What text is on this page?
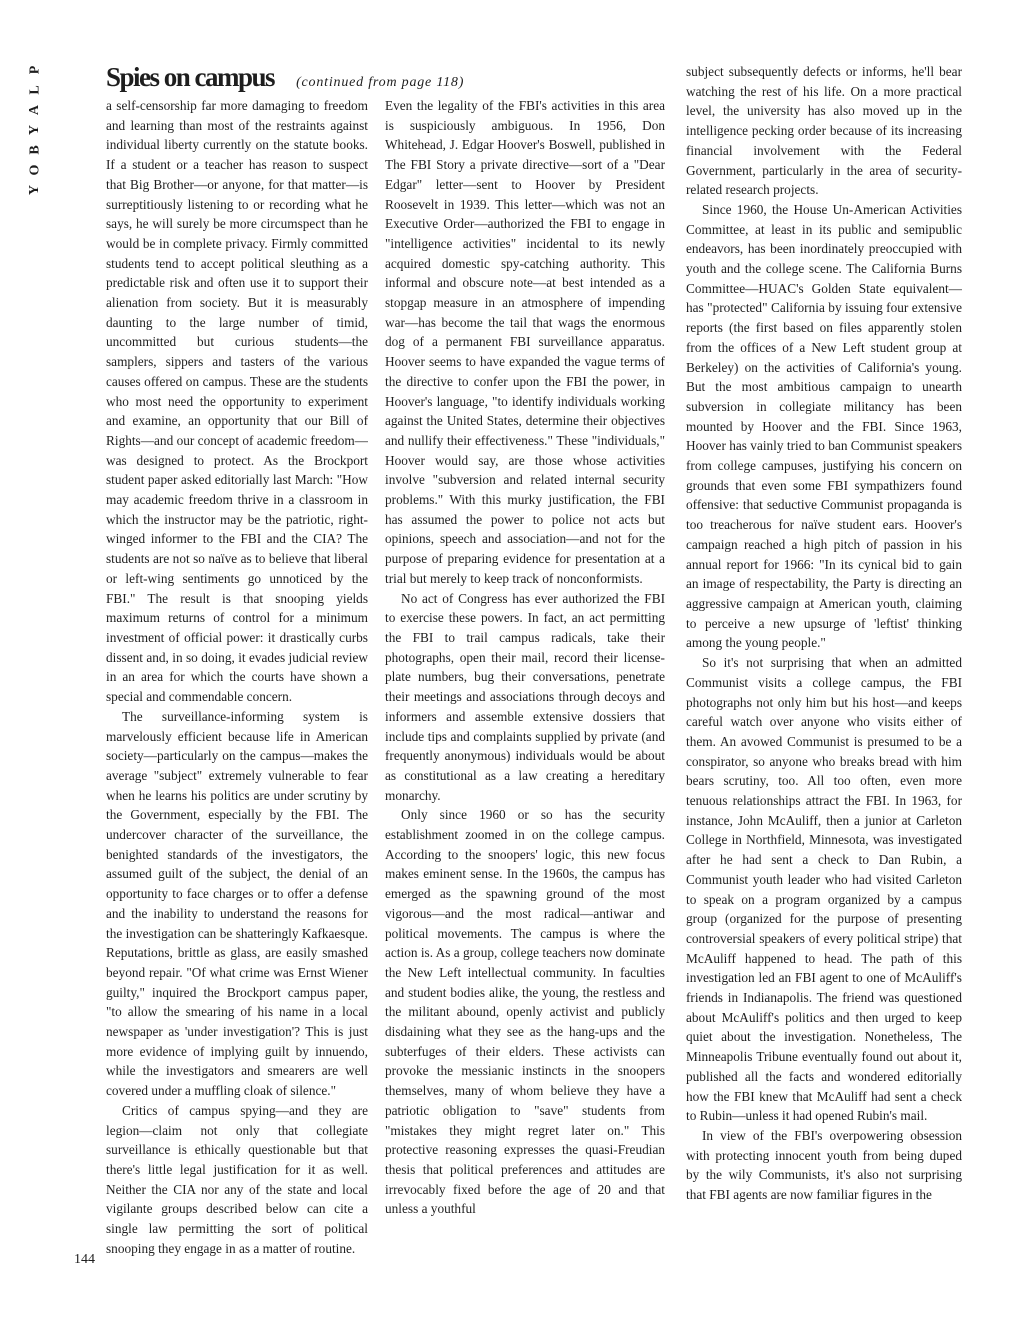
P
L
A
Y
B
O
Y
Spies on campus (continued from page 118)

a self-censorship far more damaging to freedom and learning than most of the restraints against individual liberty currently on the statute books. If a student or a teacher has reason to suspect that Big Brother—or anyone, for that matter—is surreptitiously listening to or recording what he says, he will surely be more circumspect than he would be in complete privacy. Firmly committed students tend to accept political sleuthing as a predictable risk and often use it to support their alienation from society. But it is measurably daunting to the large number of timid, uncommitted but curious students—the samplers, sippers and tasters of the various causes offered on campus. These are the students who most need the opportunity to experiment and examine, an opportunity that our Bill of Rights—and our concept of academic freedom—was designed to protect. As the Brockport student paper asked editorially last March: "How may academic freedom thrive in a classroom in which the instructor may be the patriotic, right-winged informer to the FBI and the CIA? The students are not so naïve as to believe that liberal or left-wing sentiments go unnoticed by the FBI." The result is that snooping yields maximum returns of control for a minimum investment of official power: it drastically curbs dissent and, in so doing, it evades judicial review in an area for which the courts have shown a special and commendable concern.

The surveillance-informing system is marvelously efficient because life in American society—particularly on the campus—makes the average "subject" extremely vulnerable to fear when he learns his politics are under scrutiny by the Government, especially by the FBI. The undercover character of the surveillance, the benighted standards of the investigators, the assumed guilt of the subject, the denial of an opportunity to face charges or to offer a defense and the inability to understand the reasons for the investigation can be shatteringly Kafkaesque. Reputations, brittle as glass, are easily smashed beyond repair. "Of what crime was Ernst Wiener guilty," inquired the Brockport campus paper, "to allow the smearing of his name in a local newspaper as 'under investigation'? This is just more evidence of implying guilt by innuendo, while the investigators and smearers are well covered under a muffling cloak of silence."

Critics of campus spying—and they are legion—claim not only that collegiate surveillance is ethically questionable but that there's little legal justification for it as well. Neither the CIA nor any of the state and local vigilante groups described below can cite a single law permitting the sort of political snooping they engage in as a matter of routine.

Even the legality of the FBI's activities in this area is suspiciously ambiguous. In 1956, Don Whitehead, J. Edgar Hoover's Boswell, published in The FBI Story a private directive—sort of a "Dear Edgar" letter—sent to Hoover by President Roosevelt in 1939. This letter—which was not an Executive Order—authorized the FBI to engage in "intelligence activities" incidental to its newly acquired domestic spy-catching authority. This informal and obscure note—at best intended as a stopgap measure in an atmosphere of impending war—has become the tail that wags the enormous dog of a permanent FBI surveillance apparatus. Hoover seems to have expanded the vague terms of the directive to confer upon the FBI the power, in Hoover's language, "to identify individuals working against the United States, determine their objectives and nullify their effectiveness." These "individuals," Hoover would say, are those whose activities involve "subversion and related internal security problems." With this murky justification, the FBI has assumed the power to police not acts but opinions, speech and association—and not for the purpose of preparing evidence for presentation at a trial but merely to keep track of nonconformists.

No act of Congress has ever authorized the FBI to exercise these powers. In fact, an act permitting the FBI to trail campus radicals, take their photographs, open their mail, record their license-plate numbers, bug their conversations, penetrate their meetings and associations through decoys and informers and assemble extensive dossiers that include tips and complaints supplied by private (and frequently anonymous) individuals would be about as constitutional as a law creating a hereditary monarchy.

Only since 1960 or so has the security establishment zoomed in on the college campus. According to the snoopers' logic, this new focus makes eminent sense. In the 1960s, the campus has emerged as the spawning ground of the most vigorous—and the most radical—antiwar and political movements. The campus is where the action is. As a group, college teachers now dominate the New Left intellectual community. In faculties and student bodies alike, the young, the restless and the militant abound, openly activist and publicly disdaining what they see as the hang-ups and the subterfuges of their elders. These activists can provoke the messianic instincts in the snoopers themselves, many of whom believe they have a patriotic obligation to "save" students from "mistakes they might regret later on." This protective reasoning expresses the quasi-Freudian thesis that political preferences and attitudes are irrevocably fixed before the age of 20 and that unless a youthful

subject subsequently defects or informs, he'll bear watching the rest of his life. On a more practical level, the university has also moved up in the intelligence pecking order because of its increasing financial involvement with the Federal Government, particularly in the area of security-related research projects.

Since 1960, the House Un-American Activities Committee, at least in its public and semipublic endeavors, has been inordinately preoccupied with youth and the college scene. The California Burns Committee—HUAC's Golden State equivalent—has "protected" California by issuing four extensive reports (the first based on files apparently stolen from the offices of a New Left student group at Berkeley) on the activities of California's young. But the most ambitious campaign to unearth subversion in collegiate militancy has been mounted by Hoover and the FBI. Since 1963, Hoover has vainly tried to ban Communist speakers from college campuses, justifying his concern on grounds that even some FBI sympathizers found offensive: that seductive Communist propaganda is too treacherous for naïve student ears. Hoover's campaign reached a high pitch of passion in his annual report for 1966: "In its cynical bid to gain an image of respectability, the Party is directing an aggressive campaign at American youth, claiming to perceive a new upsurge of 'leftist' thinking among the young people."

So it's not surprising that when an admitted Communist visits a college campus, the FBI photographs not only him but his host—and keeps careful watch over anyone who visits either of them. An avowed Communist is presumed to be a conspirator, so anyone who breaks bread with him bears scrutiny, too. All too often, even more tenuous relationships attract the FBI. In 1963, for instance, John McAuliff, then a junior at Carleton College in Northfield, Minnesota, was investigated after he had sent a check to Dan Rubin, a Communist youth leader who had visited Carleton to speak on a program organized by a campus group (organized for the purpose of presenting controversial speakers of every political stripe) that McAuliff happened to head. The path of this investigation led an FBI agent to one of McAuliff's friends in Indianapolis. The friend was questioned about McAuliff's politics and then urged to keep quiet about the investigation. Nonetheless, The Minneapolis Tribune eventually found out about it, published all the facts and wondered editorially how the FBI knew that McAuliff had sent a check to Rubin—unless it had opened Rubin's mail.

In view of the FBI's overpowering obsession with protecting innocent youth from being duped by the wily Communists, it's also not surprising that FBI agents are now familiar figures in the

144
